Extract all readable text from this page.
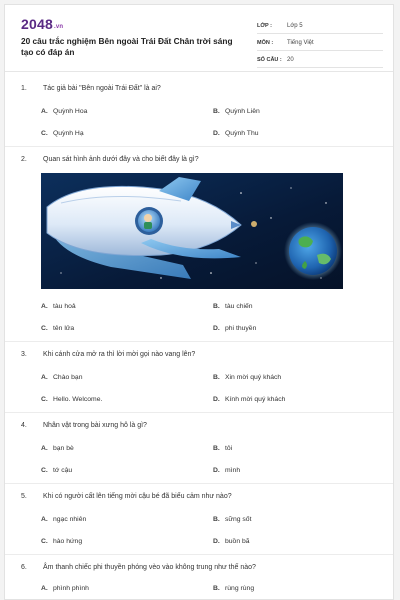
2048.vn
20 câu trắc nghiệm Bên ngoài Trái Đất Chân trời sáng tạo có đáp án
LỚP :	Lớp 5
MÔN :	Tiếng Việt
SỐ CÂU : 20
1. Tác giả bài "Bên ngoài Trái Đất" là ai?
A. Quỳnh Hoa	B. Quỳnh Liên
C. Quỳnh Hạ	D. Quỳnh Thu
2. Quan sát hình ảnh dưới đây và cho biết đây là gì?
A. tàu hoả	B. tàu chiến
C. tên lửa	D. phi thuyền
3. Khi cánh cửa mở ra thì lời mời gọi nào vang lên?
A. Chào bạn	B. Xin mời quý khách
C. Hello. Welcome.	D. Kính mời quý khách
4. Nhân vật trong bài xưng hô là gì?
A. bạn bè	B. tôi
C. tớ cậu	D. mình
5. Khi có người cất lên tiếng mời cậu bé đã biểu cảm như nào?
A. ngạc nhiên	B. sững sốt
C. hào hứng	D. buồn bã
6. Âm thanh chiếc phi thuyền phóng vèo vào không trung như thế nào?
A. phình phình	B. rùng rùng
